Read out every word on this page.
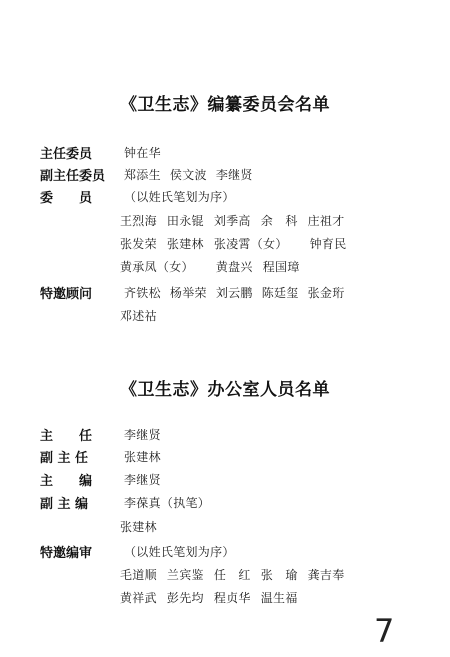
《卫生志》编纂委员会名单
主任委员	钟在华
副主任委员	郑添生 侯文波 李继贤
委　　员	（以姓氏笔划为序）
王烈海 田永锟 刘季高 余　科 庄祖才
张发荣 张建林 张凌霄（女） 钟育民
黄承凤（女） 黄盘兴 程国璋
特邀顾问	齐铁松 杨举荣 刘云鹏 陈廷玺 张金珩
邓述祜
《卫生志》办公室人员名单
主　　任	李继贤
副 主 任	张建林
主　　编	李继贤
副 主 编	李葆真（执笔）
张建林
特邀编审	（以姓氏笔划为序）
毛道顺 兰宾鉴 任　红 张　瑜 龚吉奉
黄祥武 彭先均 程贞华 温生福
7
